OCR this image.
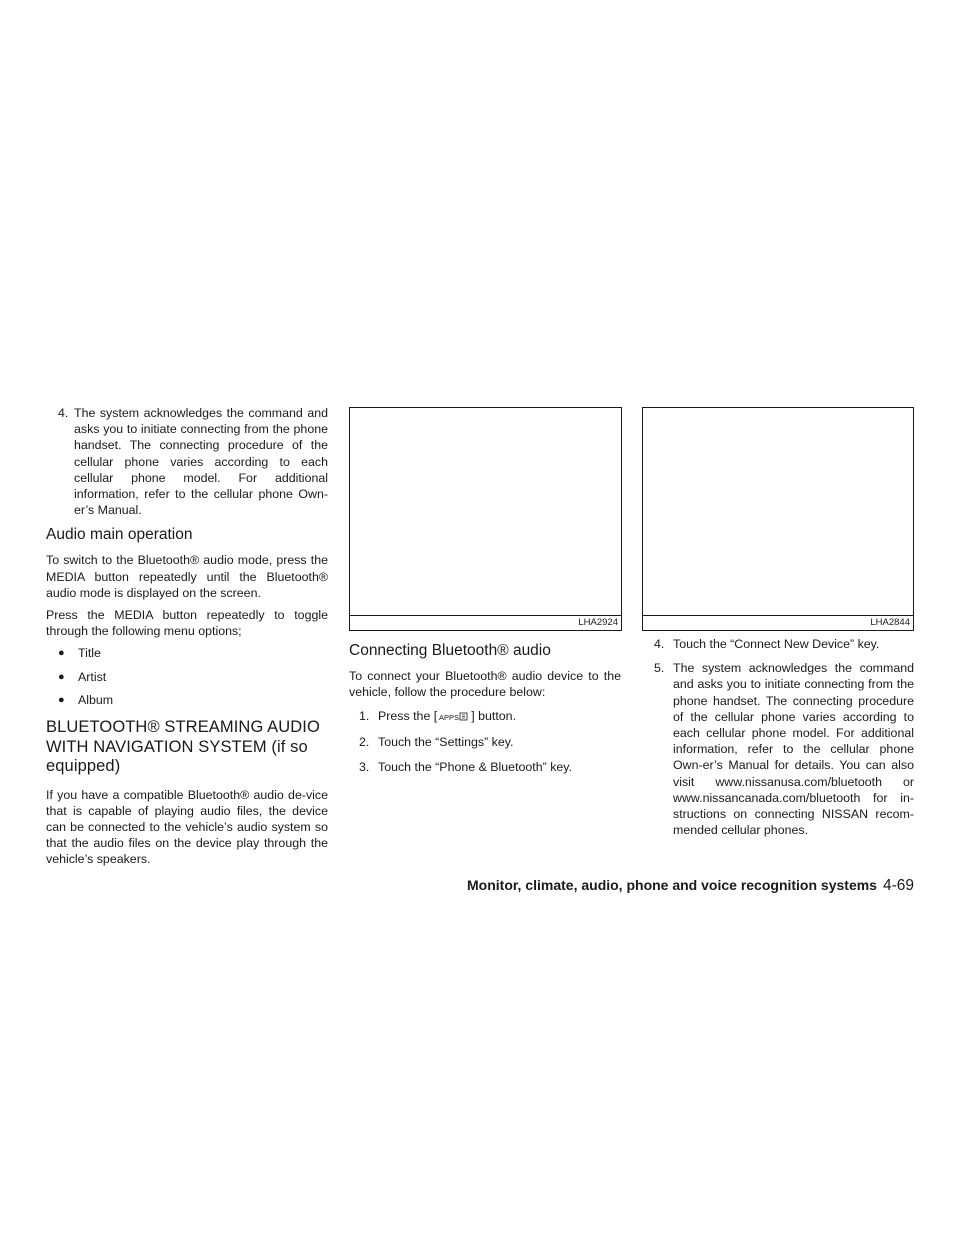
4. The system acknowledges the command and asks you to initiate connecting from the phone handset. The connecting procedure of the cellular phone varies according to each cellular phone model. For additional information, refer to the cellular phone Own-er’s Manual.
Audio main operation

To switch to the Bluetooth® audio mode, press the MEDIA button repeatedly until the Bluetooth® audio mode is displayed on the screen.

Press the MEDIA button repeatedly to toggle through the following menu options;

●	Title
●	Artist
●	Album
BLUETOOTH® STREAMING AUDIO WITH NAVIGATION SYSTEM (if so equipped)

If you have a compatible Bluetooth® audio de-vice that is capable of playing audio files, the device can be connected to the vehicle’s audio system so that the audio files on the device play through the vehicle’s speakers.

LHA2924	LHA2844
Connecting Bluetooth® audio

To connect your Bluetooth® audio device to the vehicle, follow the procedure below:

1. Press the [ APPS ] button.
2. Touch the “Settings” key.
3. Touch the “Phone & Bluetooth” key.
4. Touch the “Connect New Device” key.
5. The system acknowledges the command and asks you to initiate connecting from the phone handset. The connecting procedure of the cellular phone varies according to each cellular phone model. For additional information, refer to the cellular phone Own-er’s Manual for details. You can also visit www.nissanusa.com/bluetooth or www.nissancanada.com/bluetooth for in-structions on connecting NISSAN recom-mended cellular phones.
Monitor, climate, audio, phone and voice recognition systems 4-69
